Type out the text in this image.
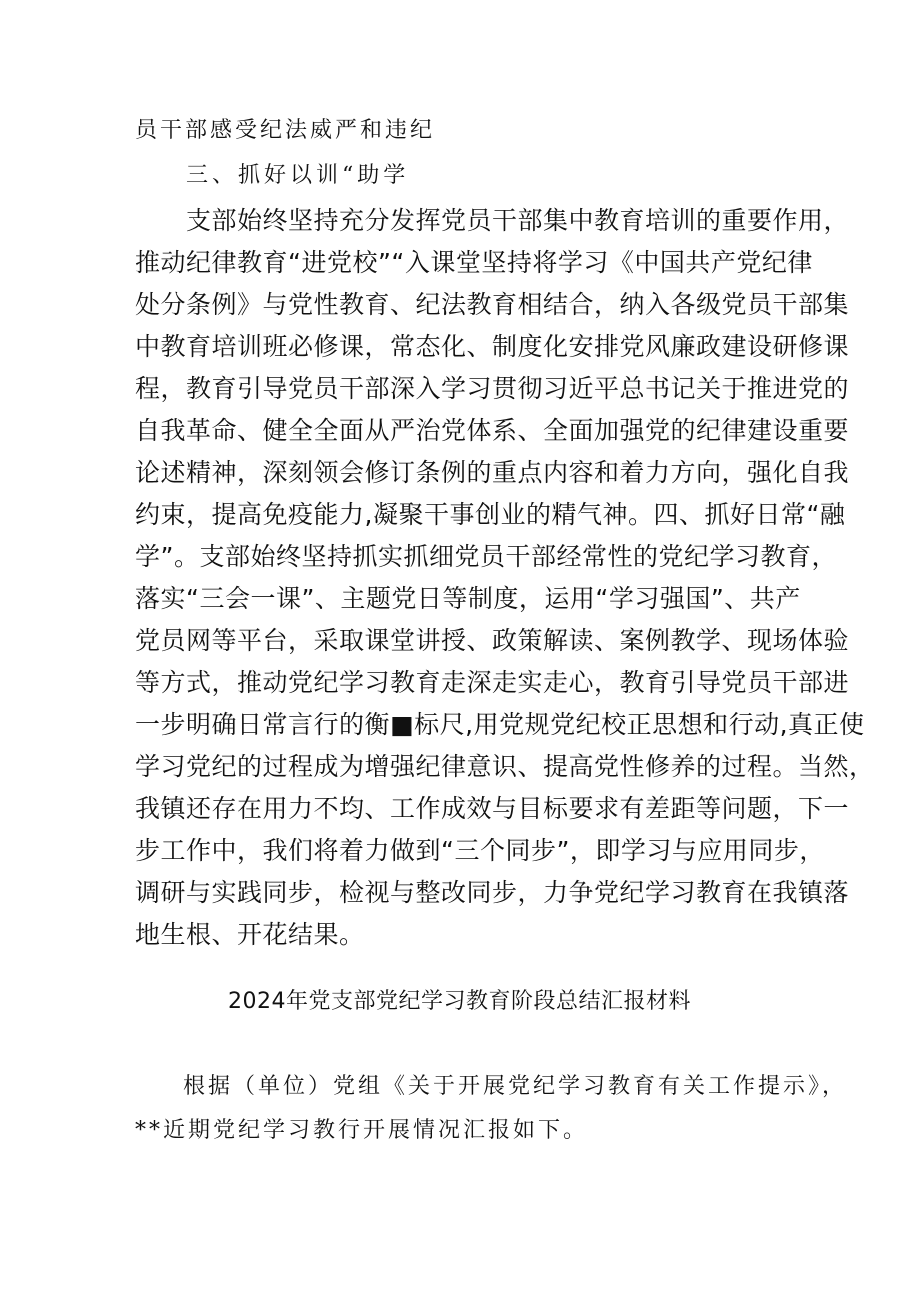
员干部感受纪法威严和违纪
三、抓好以训“助学
支部始终坚持充分发挥党员干部集中教育培训的重要作用，
推动纪律教育“进党校”“入课堂坚持将学习《中国共产党纪律
处分条例》与党性教育、纪法教育相结合，纳入各级党员干部集
中教育培训班必修课，常态化、制度化安排党风廉政建设研修课
程，教育引导党员干部深入学习贯彻习近平总书记关于推进党的
自我革命、健全全面从严治党体系、全面加强党的纪律建设重要
论述精神，深刻领会修订条例的重点内容和着力方向，强化自我
约束，提高免疫能力,凝聚干事创业的精气神。四、抓好日常“融
学”。支部始终坚持抓实抓细党员干部经常性的党纪学习教育，
落实“三会一课”、主题党日等制度，运用“学习强国”、共产
党员网等平台，采取课堂讲授、政策解读、案例教学、现场体验
等方式，推动党纪学习教育走深走实走心，教育引导党员干部进
一步明确日常言行的衡■标尺,用党规党纪校正思想和行动,真正使
学习党纪的过程成为增强纪律意识、提高党性修养的过程。当然，
我镇还存在用力不均、工作成效与目标要求有差距等问题，下一
步工作中，我们将着力做到“三个同步”，即学习与应用同步，
调研与实践同步，检视与整改同步，力争党纪学习教育在我镇落
地生根、开花结果。
2024年党支部党纪学习教育阶段总结汇报材料
根据（单位）党组《关于开展党纪学习教育有关工作提示》，
**近期党纪学习教行开展情况汇报如下。
